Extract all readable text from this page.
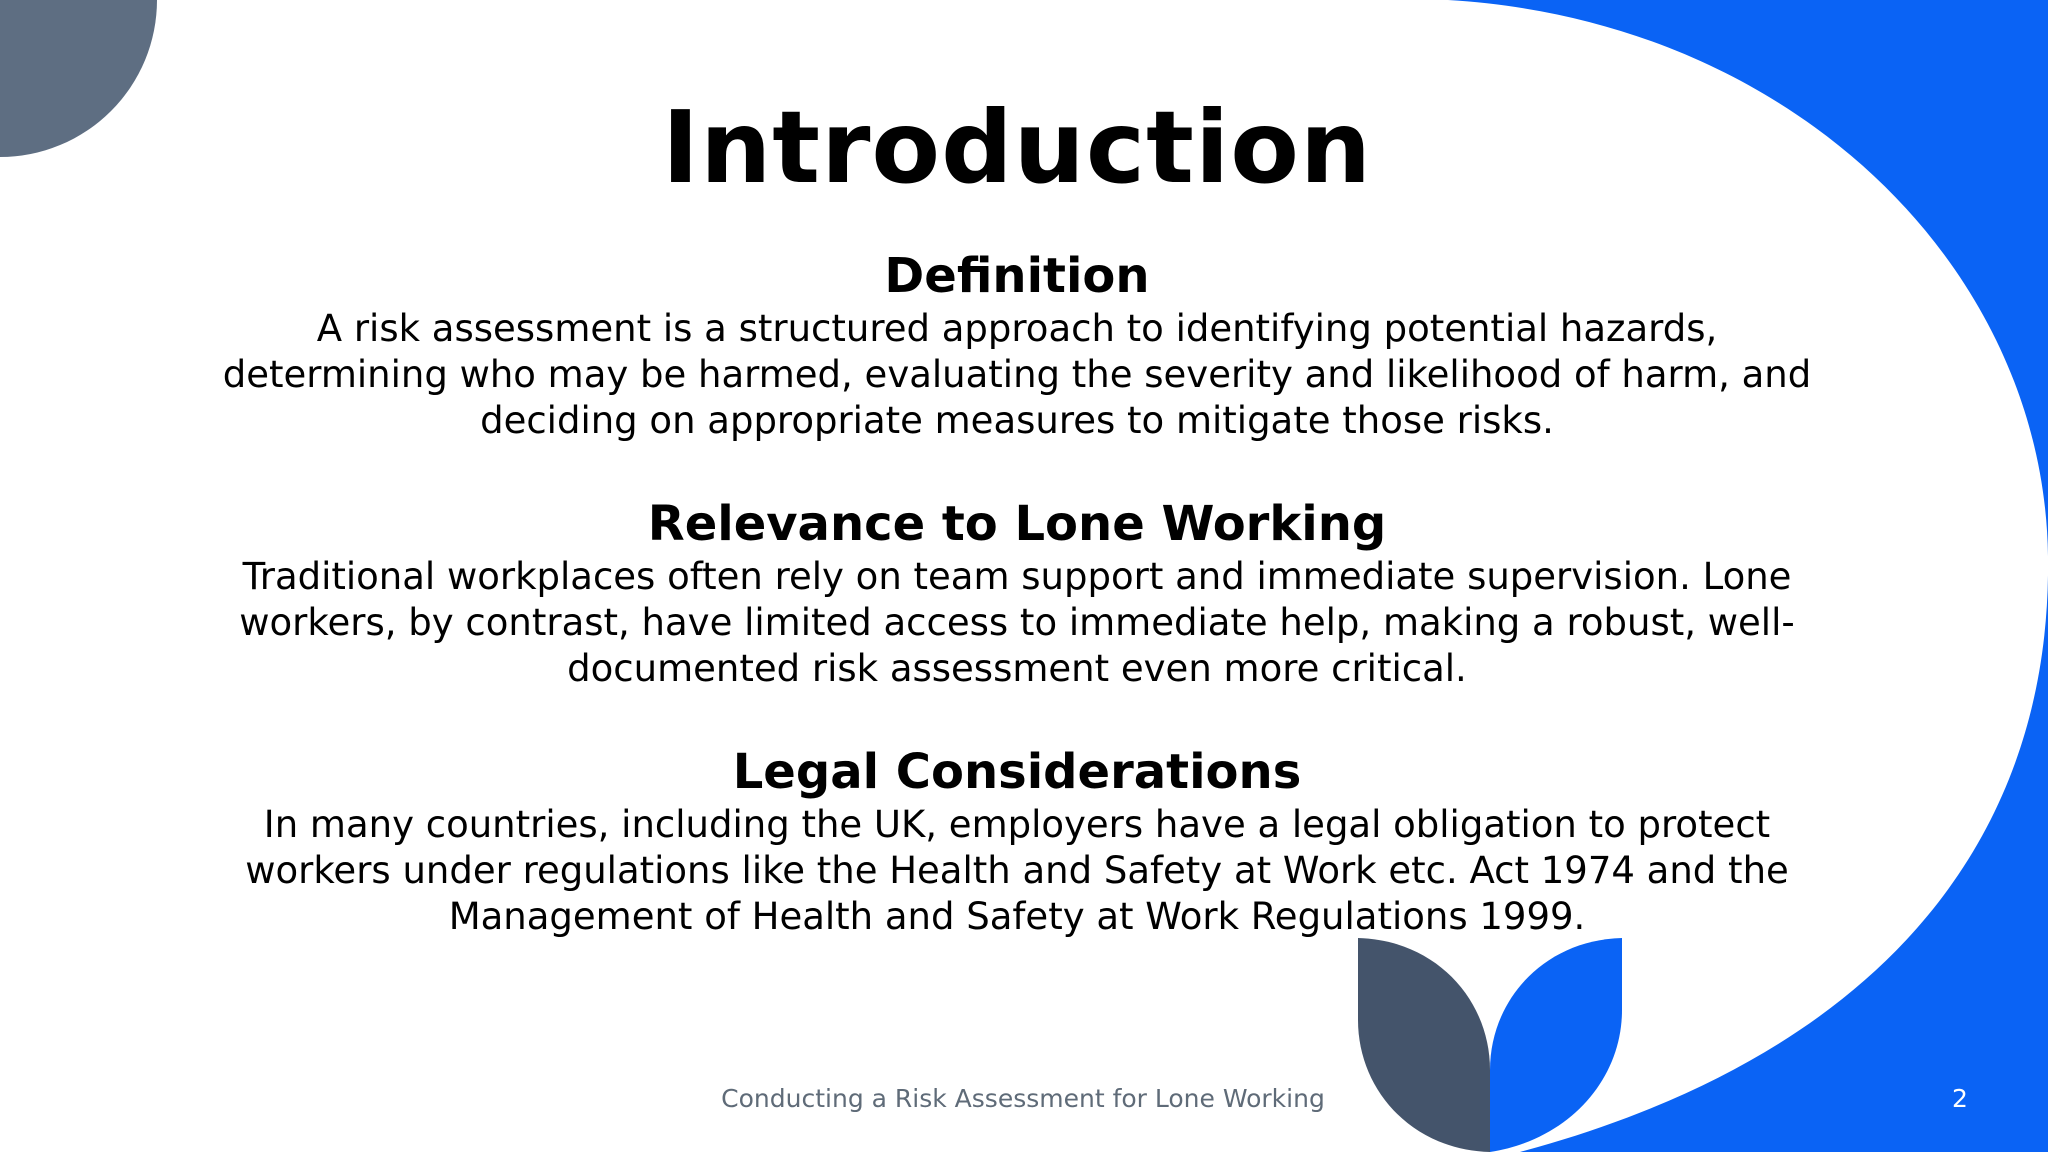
Introduction
Definition

A risk assessment is a structured approach to identifying potential hazards, determining who may be harmed, evaluating the severity and likelihood of harm, and deciding on appropriate measures to mitigate those risks.

Relevance to Lone Working

Traditional workplaces often rely on team support and immediate supervision. Lone workers, by contrast, have limited access to immediate help, making a robust, well-documented risk assessment even more critical.

Legal Considerations

In many countries, including the UK, employers have a legal obligation to protect workers under regulations like the Health and Safety at Work etc. Act 1974 and the Management of Health and Safety at Work Regulations 1999.

Conducting a Risk Assessment for Lone Working	2
